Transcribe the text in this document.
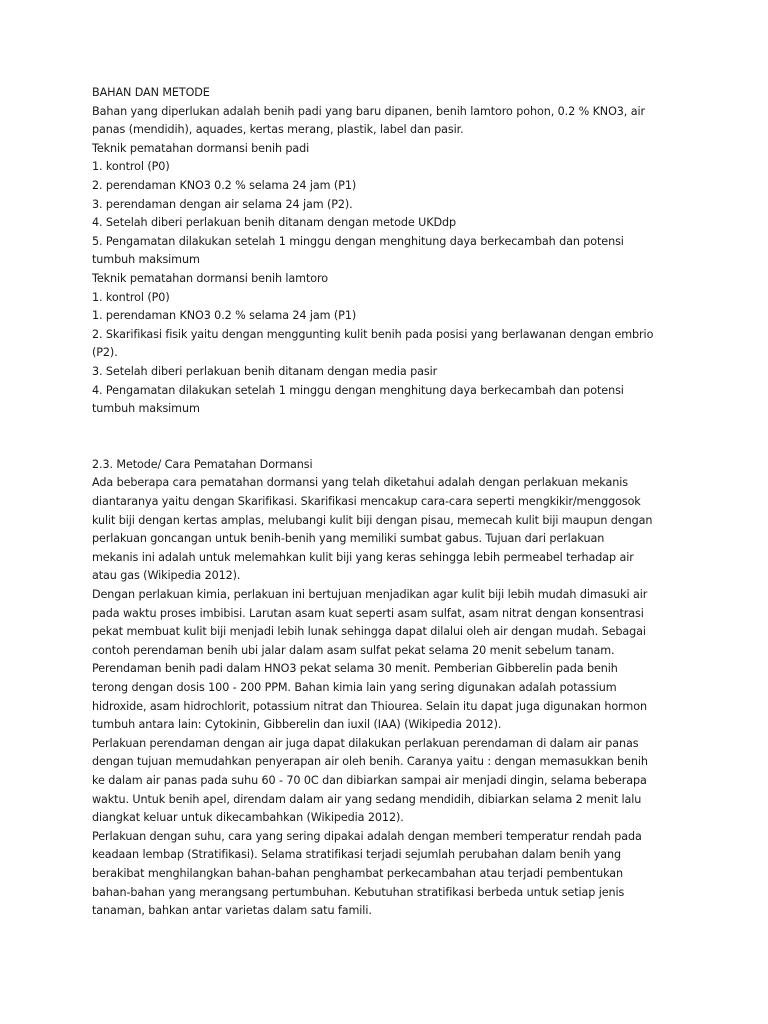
BAHAN DAN METODE
Bahan yang diperlukan adalah benih padi yang baru dipanen, benih lamtoro pohon, 0.2 % KNO3, air
panas (mendidih), aquades, kertas merang, plastik, label dan pasir.
Teknik pematahan dormansi benih padi
1. kontrol (P0)
2. perendaman KNO3 0.2 % selama 24 jam (P1)
3. perendaman dengan air selama 24 jam (P2).
4. Setelah diberi perlakuan benih ditanam dengan metode UKDdp
5. Pengamatan dilakukan setelah 1 minggu dengan menghitung daya berkecambah dan potensi
tumbuh maksimum
Teknik pematahan dormansi benih lamtoro
1. kontrol (P0)
1. perendaman KNO3 0.2 % selama 24 jam (P1)
2. Skarifikasi fisik yaitu dengan menggunting kulit benih pada posisi yang berlawanan dengan embrio
(P2).
3. Setelah diberi perlakuan benih ditanam dengan media pasir
4. Pengamatan dilakukan setelah 1 minggu dengan menghitung daya berkecambah dan potensi
tumbuh maksimum
2.3. Metode/ Cara Pematahan Dormansi
Ada beberapa cara pematahan dormansi yang telah diketahui adalah dengan perlakuan mekanis
diantaranya yaitu dengan Skarifikasi. Skarifikasi mencakup cara-cara seperti mengkikir/menggosok
kulit biji dengan kertas amplas, melubangi kulit biji dengan pisau, memecah kulit biji maupun dengan
perlakuan goncangan untuk benih-benih yang memiliki sumbat gabus. Tujuan dari perlakuan
mekanis ini adalah untuk melemahkan kulit biji yang keras sehingga lebih permeabel terhadap air
atau gas (Wikipedia 2012).
Dengan perlakuan kimia, perlakuan ini bertujuan menjadikan agar kulit biji lebih mudah dimasuki air
pada waktu proses imbibisi. Larutan asam kuat seperti asam sulfat, asam nitrat dengan konsentrasi
pekat membuat kulit biji menjadi lebih lunak sehingga dapat dilalui oleh air dengan mudah. Sebagai
contoh perendaman benih ubi jalar dalam asam sulfat pekat selama 20 menit sebelum tanam.
Perendaman benih padi dalam HNO3 pekat selama 30 menit. Pemberian Gibberelin pada benih
terong dengan dosis 100 - 200 PPM. Bahan kimia lain yang sering digunakan adalah potassium
hidroxide, asam hidrochlorit, potassium nitrat dan Thiourea. Selain itu dapat juga digunakan hormon
tumbuh antara lain: Cytokinin, Gibberelin dan iuxil (IAA) (Wikipedia 2012).
Perlakuan perendaman dengan air juga dapat dilakukan perlakuan perendaman di dalam air panas
dengan tujuan memudahkan penyerapan air oleh benih. Caranya yaitu : dengan memasukkan benih
ke dalam air panas pada suhu 60 - 70 0C dan dibiarkan sampai air menjadi dingin, selama beberapa
waktu. Untuk benih apel, direndam dalam air yang sedang mendidih, dibiarkan selama 2 menit lalu
diangkat keluar untuk dikecambahkan (Wikipedia 2012).
Perlakuan dengan suhu, cara yang sering dipakai adalah dengan memberi temperatur rendah pada
keadaan lembap (Stratifikasi). Selama stratifikasi terjadi sejumlah perubahan dalam benih yang
berakibat menghilangkan bahan-bahan penghambat perkecambahan atau terjadi pembentukan
bahan-bahan yang merangsang pertumbuhan. Kebutuhan stratifikasi berbeda untuk setiap jenis
tanaman, bahkan antar varietas dalam satu famili.
